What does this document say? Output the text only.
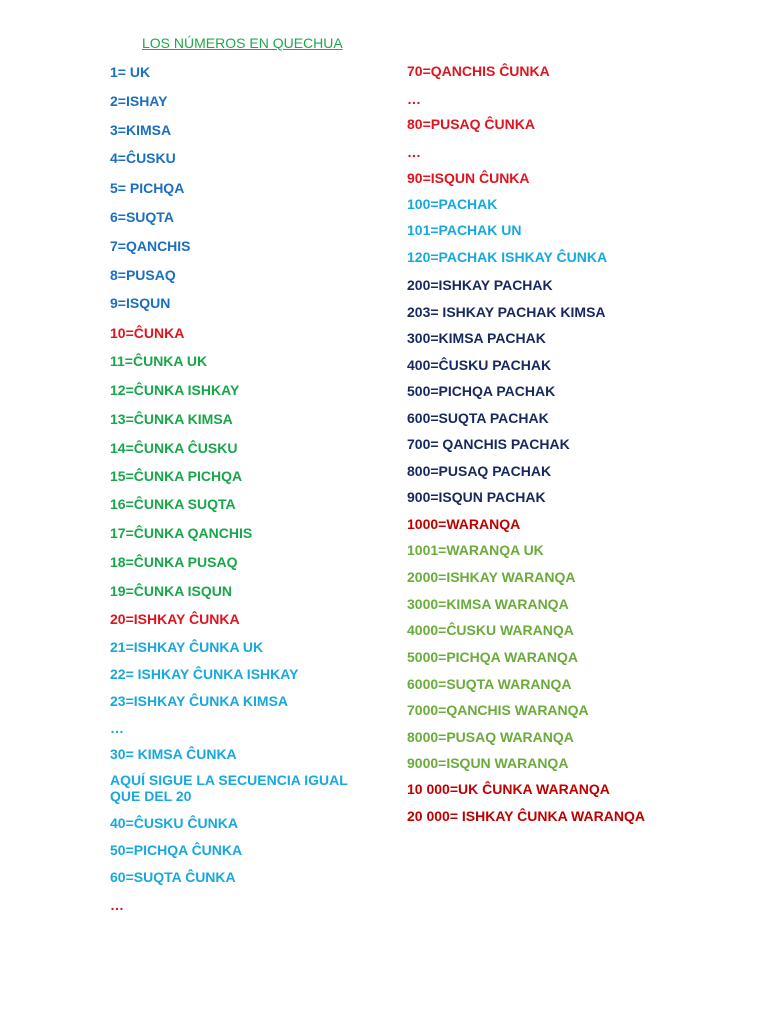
LOS NÚMEROS EN QUECHUA
1= UK
2=ISHAY
3=KIMSA
4=ĈUSKU
5= PICHQA
6=SUQTA
7=QANCHIS
8=PUSAQ
9=ISQUN
10=ĈUNKA
11=ĈUNKA UK
12=ĈUNKA ISHKAY
13=ĈUNKA KIMSA
14=ĈUNKA ĈUSKU
15=ĈUNKA PICHQA
16=ĈUNKA SUQTA
17=ĈUNKA QANCHIS
18=ĈUNKA PUSAQ
19=ĈUNKA ISQUN
20=ISHKAY ĈUNKA
21=ISHKAY ĈUNKA UK
22= ISHKAY ĈUNKA ISHKAY
23=ISHKAY ĈUNKA KIMSA
…
30= KIMSA ĈUNKA
AQUÍ SIGUE LA SECUENCIA IGUAL QUE DEL 20
40=ĈUSKU ĈUNKA
50=PICHQA ĈUNKA
60=SUQTA ĈUNKA
…
70=QANCHIS ĈUNKA
…
80=PUSAQ ĈUNKA
…
90=ISQUN ĈUNKA
100=PACHAK
101=PACHAK UN
120=PACHAK ISHKAY ĈUNKA
200=ISHKAY PACHAK
203= ISHKAY PACHAK KIMSA
300=KIMSA PACHAK
400=ĈUSKU PACHAK
500=PICHQA PACHAK
600=SUQTA PACHAK
700= QANCHIS PACHAK
800=PUSAQ PACHAK
900=ISQUN PACHAK
1000=WARANQA
1001=WARANQA UK
2000=ISHKAY WARANQA
3000=KIMSA WARANQA
4000=ĈUSKU WARANQA
5000=PICHQA WARANQA
6000=SUQTA WARANQA
7000=QANCHIS WARANQA
8000=PUSAQ WARANQA
9000=ISQUN WARANQA
10 000=UK ĈUNKA WARANQA
20 000= ISHKAY ĈUNKA WARANQA
